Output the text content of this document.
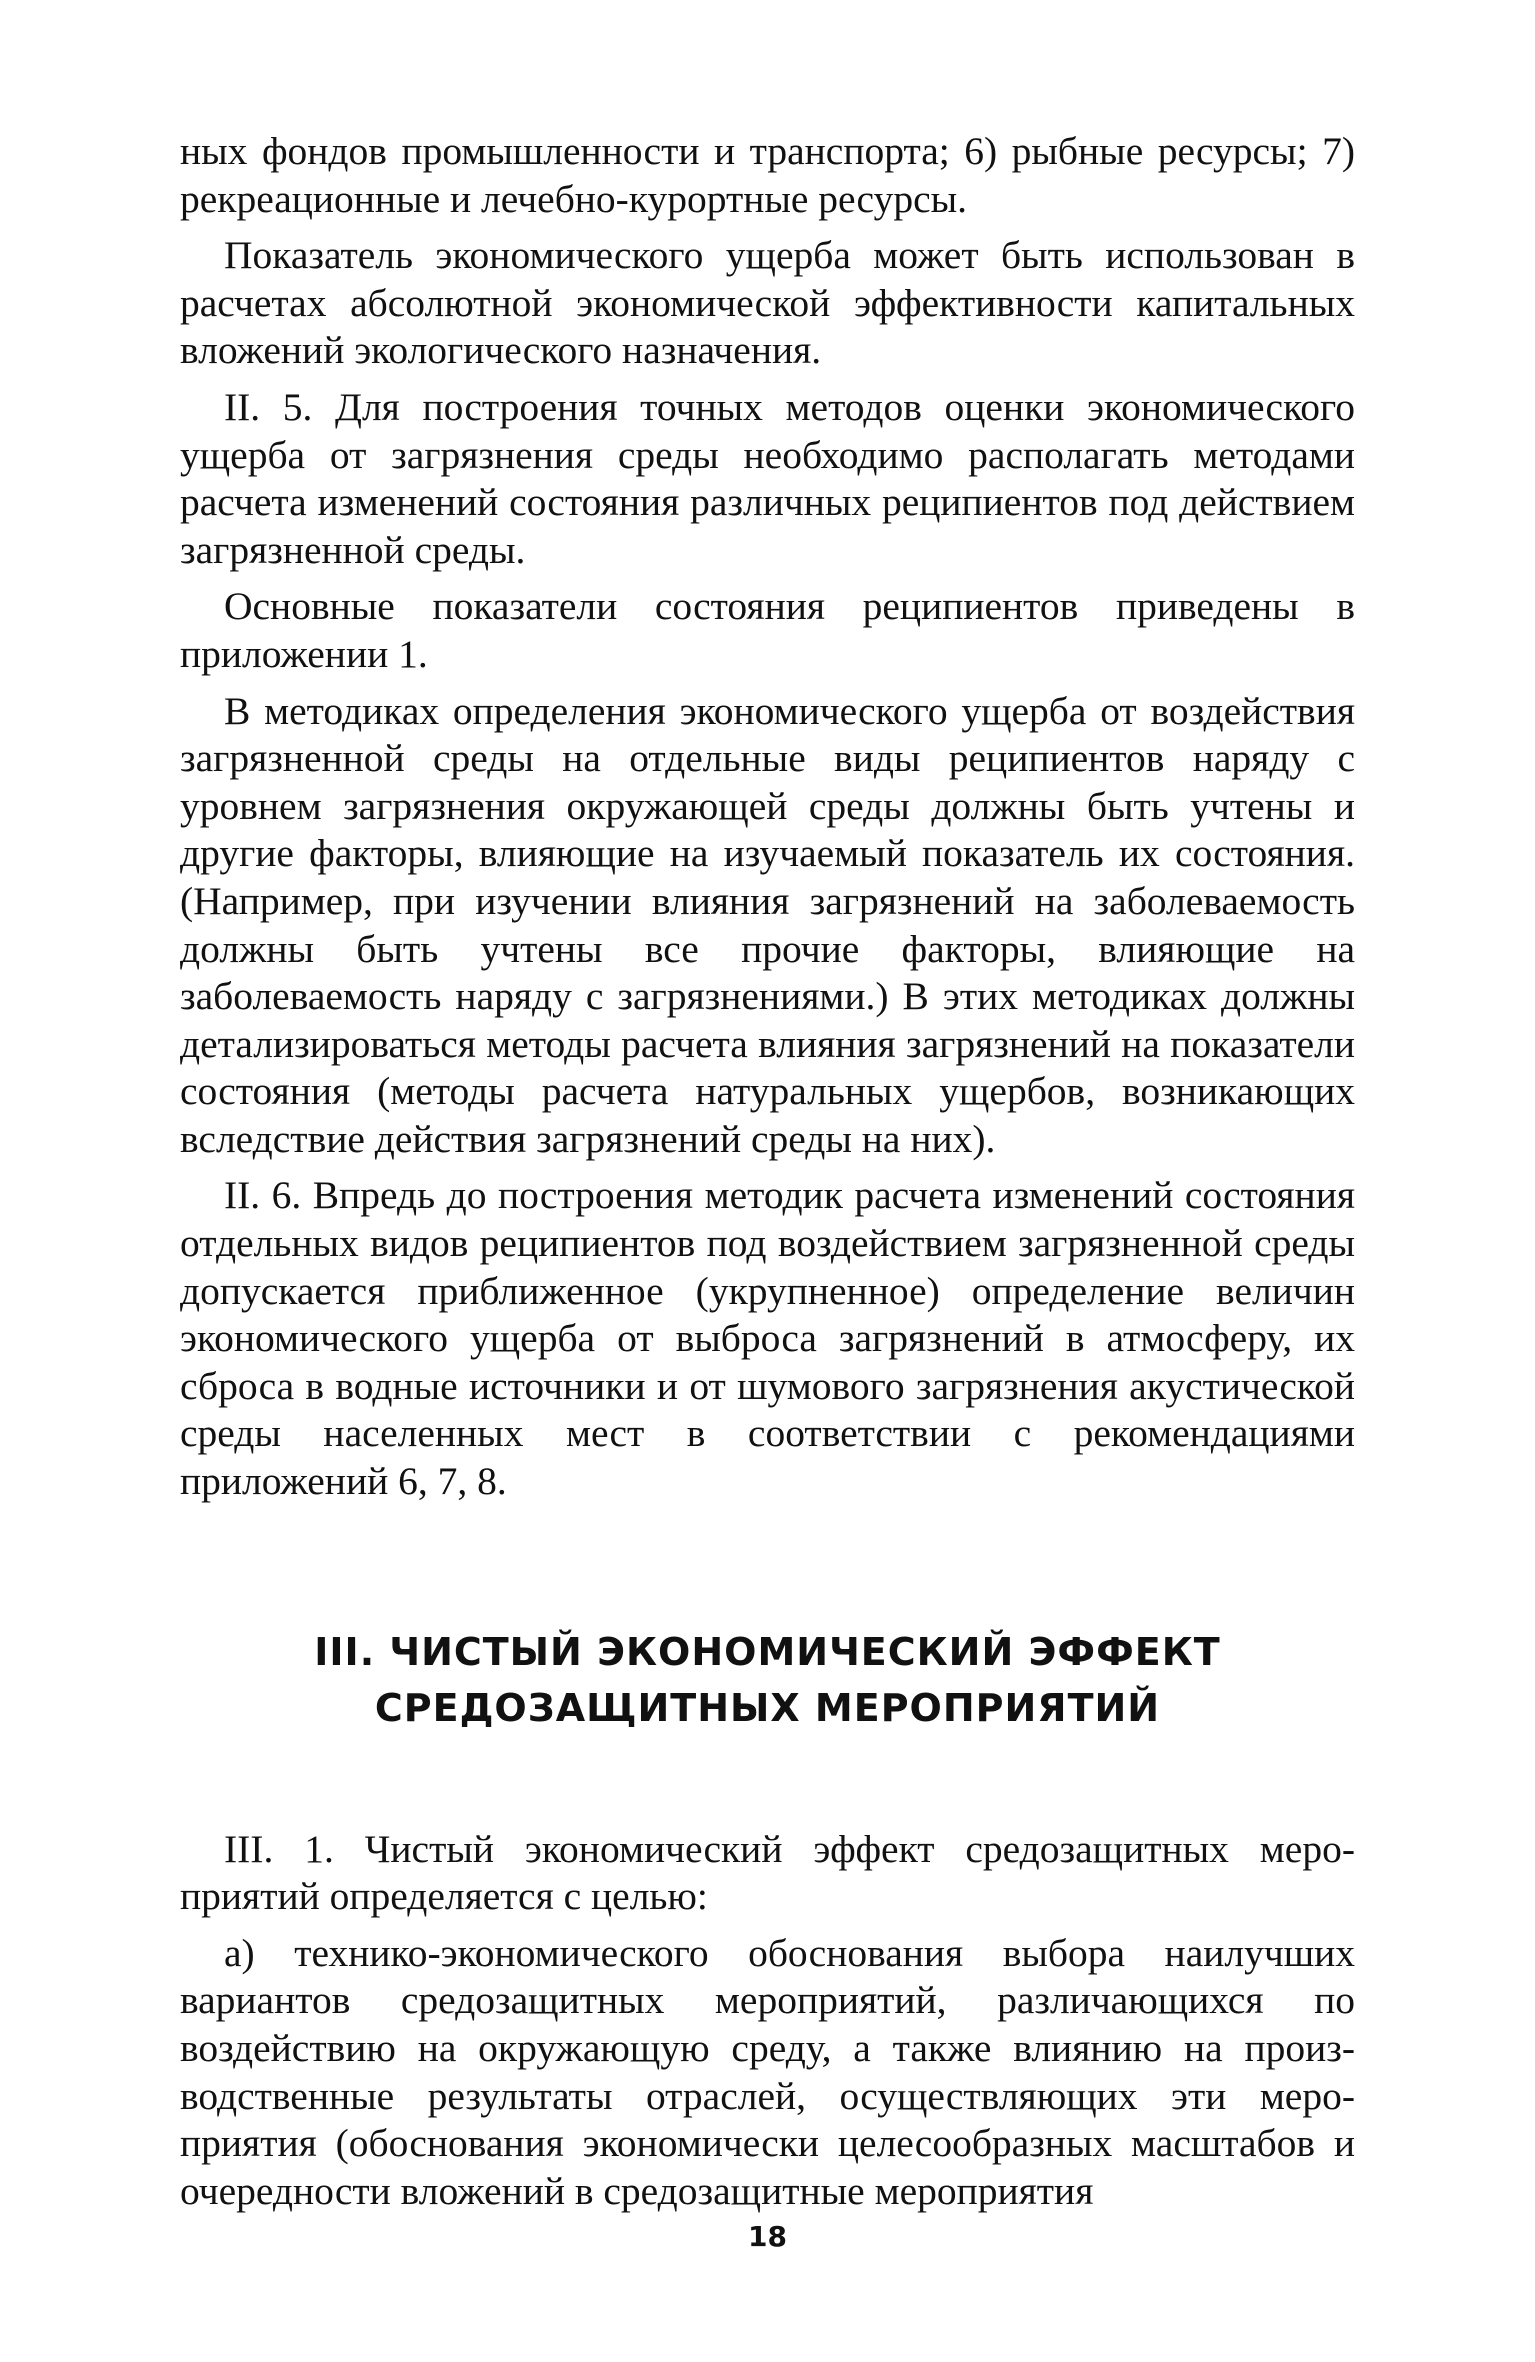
ных фондов промышленности и транспорта; 6) рыбные ресурсы; 7) рекреационные и лечебно-курортные ресурсы.

Показатель экономического ущерба может быть использован в расчетах абсолютной экономической эффективности капитальных вложений экологического назначения.

II. 5. Для построения точных методов оценки экономического ущерба от загрязнения среды необходимо располагать методами расчета изменений состояния различных реципиентов под действием загрязненной среды.

Основные показатели состояния реципиентов приведены в приложении 1.

В методиках определения экономического ущерба от воздействия загрязненной среды на отдельные виды реципиентов наряду с уровнем загрязнения окружающей среды должны быть учтены и другие факторы, влияющие на изучаемый показатель их состояния. (Например, при изучении влияния загрязнений на заболеваемость должны быть учтены все прочие факторы, влияющие на заболеваемость наряду с загрязнениями.) В этих методиках должны детализироваться методы расчета влияния загрязнений на показатели состояния (методы расчета натуральных ущербов, возникающих вследствие действия загрязнений среды на них).

II. 6. Впредь до построения методик расчета изменений состояния отдельных видов реципиентов под воздействием загрязненной среды допускается приближенное (укрупненное) определение величин экономического ущерба от выброса загрязнений в атмосферу, их сброса в водные источники и от шумового загрязнения акустической среды населенных мест в соответствии с рекомендациями приложений 6, 7, 8.

III. ЧИСТЫЙ ЭКОНОМИЧЕСКИЙ ЭФФЕКТ
СРЕДОЗАЩИТНЫХ МЕРОПРИЯТИЙ

III. 1. Чистый экономический эффект средозащитных мероприятий определяется с целью:

а) технико-экономического обоснования выбора наилучших вариантов средозащитных мероприятий, различающихся по воздействию на окружающую среду, а также влиянию на производственные результаты отраслей, осуществляющих эти мероприятия (обоснования экономически целесообразных масштабов и очередности вложений в средозащитные мероприятия

18
